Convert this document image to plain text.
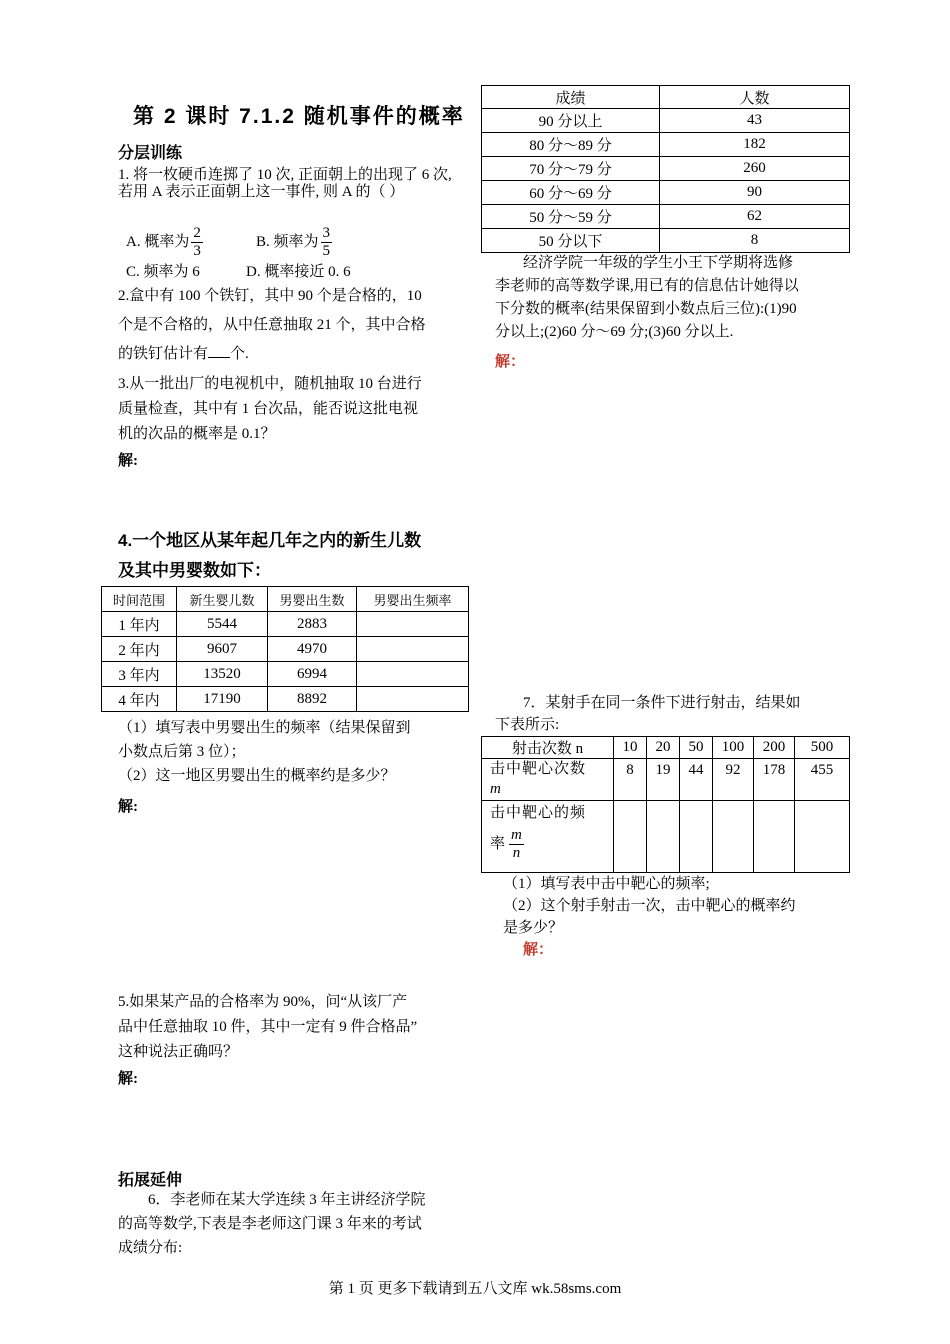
第 2 课时 7.1.2 随机事件的概率
分层训练
1. 将一枚硬币连掷了 10 次, 正面朝上的出现了 6 次, 若用 A 表示正面朝上这一事件, 则 A 的（ ）
A. 概率为 $\frac{2}{3}$	B. 频率为 $\frac{3}{5}$
C. 频率为 6	D. 概率接近 0. 6
2.盒中有 100 个铁钉，其中 90 个是合格的，10
个是不合格的，从中任意抽取 21 个，其中合格
的铁钉估计有 个.
3.从一批出厂的电视机中，随机抽取 10 台进行
质量检查，其中有 1 台次品，能否说这批电视
机的次品的概率是 0.1？
解:
4.一个地区从某年起几年之内的新生儿数
及其中男婴数如下：
时间范围	新生婴儿数	男婴出生数	男婴出生频率
1 年内	5544	2883	
2 年内	9607	4970	
3 年内	13520	6994	
4 年内	17190	8892	
（1）填写表中男婴出生的频率（结果保留到
小数点后第 3 位）；
（2）这一地区男婴出生的概率约是多少？
解:
5.如果某产品的合格率为 90%，问“从该厂产
品中任意抽取 10 件，其中一定有 9 件合格品”
这种说法正确吗？
解:
拓展延伸
6．李老师在某大学连续 3 年主讲经济学院
的高等数学,下表是李老师这门课 3 年来的考试
成绩分布:
成绩	人数
90 分以上	43
80 分～89 分	182
70 分～79 分	260
60 分～69 分	90
50 分～59 分	62
50 分以下	8
经济学院一年级的学生小王下学期将选修
李老师的高等数学课,用已有的信息估计她得以
下分数的概率(结果保留到小数点后三位):(1)90
分以上;(2)60 分～69 分;(3)60 分以上.
解：
7．某射手在同一条件下进行射击，结果如
下表所示:
射击次数 n	10	20	50	100	200	500

击中靶心次数
m	8	19	44	92	178	455

击中靶心的频
率 $\frac{m}{n}$

（1）填写表中击中靶心的频率;
（2）这个射手射击一次，击中靶心的概率约
是多少？
解：
第 1 页 更多下载请到五八文库 wk.58sms.com
